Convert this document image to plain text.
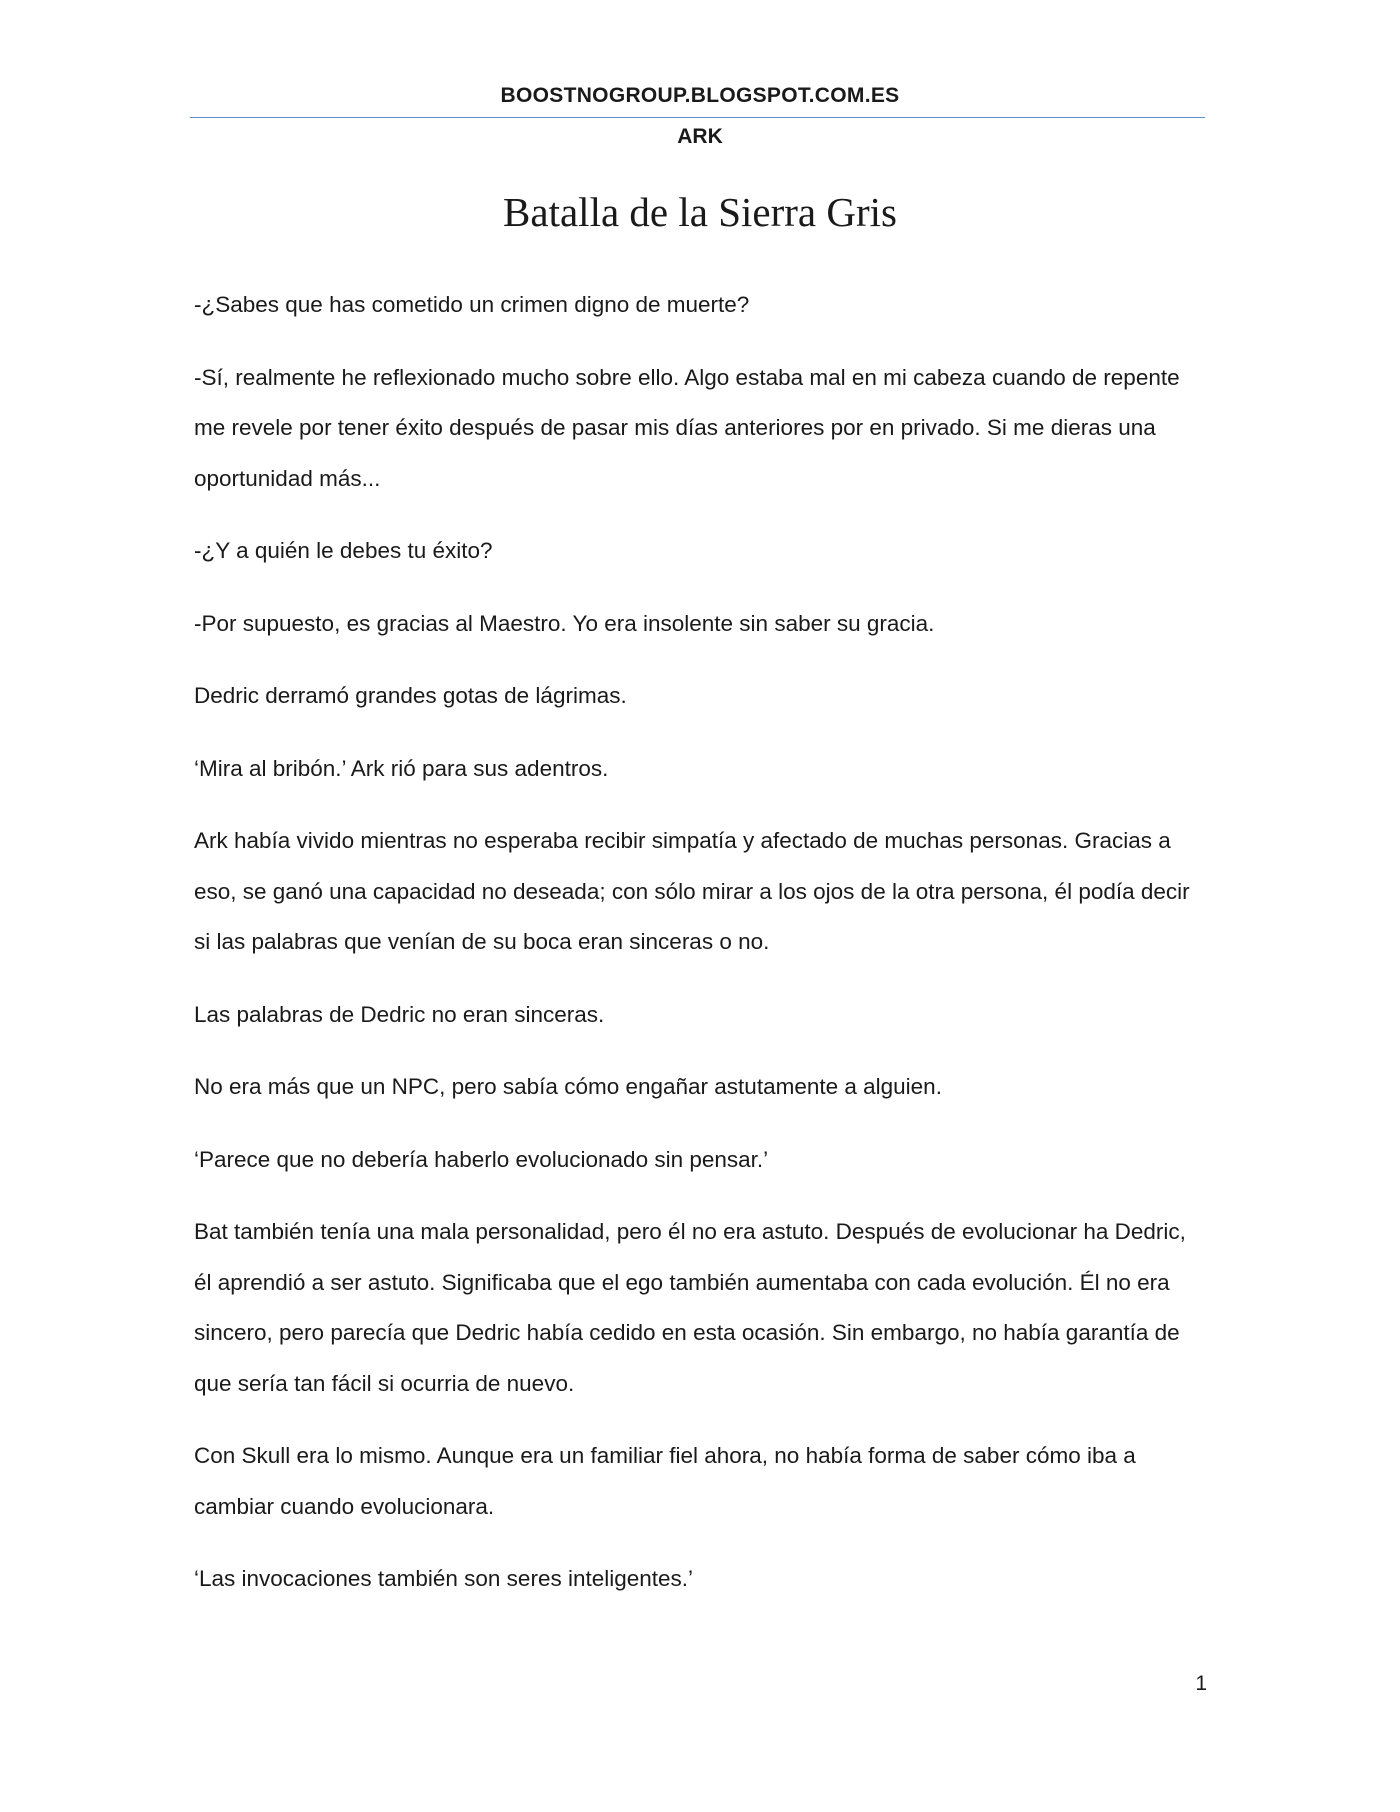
BOOSTNOGROUP.BLOGSPOT.COM.ES
ARK
Batalla de la Sierra Gris

-¿Sabes que has cometido un crimen digno de muerte?

-Sí, realmente he reflexionado mucho sobre ello. Algo estaba mal en mi cabeza cuando de repente me revele por tener éxito después de pasar mis días anteriores por en privado. Si me dieras una oportunidad más...

-¿Y a quién le debes tu éxito?

-Por supuesto, es gracias al Maestro. Yo era insolente sin saber su gracia.

Dedric derramó grandes gotas de lágrimas.

‘Mira al bribón.’ Ark rió para sus adentros.

Ark había vivido mientras no esperaba recibir simpatía y afectado de muchas personas. Gracias a eso, se ganó una capacidad no deseada; con sólo mirar a los ojos de la otra persona, él podía decir si las palabras que venían de su boca eran sinceras o no.

Las palabras de Dedric no eran sinceras.

No era más que un NPC, pero sabía cómo engañar astutamente a alguien.

‘Parece que no debería haberlo evolucionado sin pensar.’

Bat también tenía una mala personalidad, pero él no era astuto. Después de evolucionar ha Dedric, él aprendió a ser astuto. Significaba que el ego también aumentaba con cada evolución. Él no era sincero, pero parecía que Dedric había cedido en esta ocasión. Sin embargo, no había garantía de que sería tan fácil si ocurria de nuevo.

Con Skull era lo mismo. Aunque era un familiar fiel ahora, no había forma de saber cómo iba a cambiar cuando evolucionara.

‘Las invocaciones también son seres inteligentes.’

1
